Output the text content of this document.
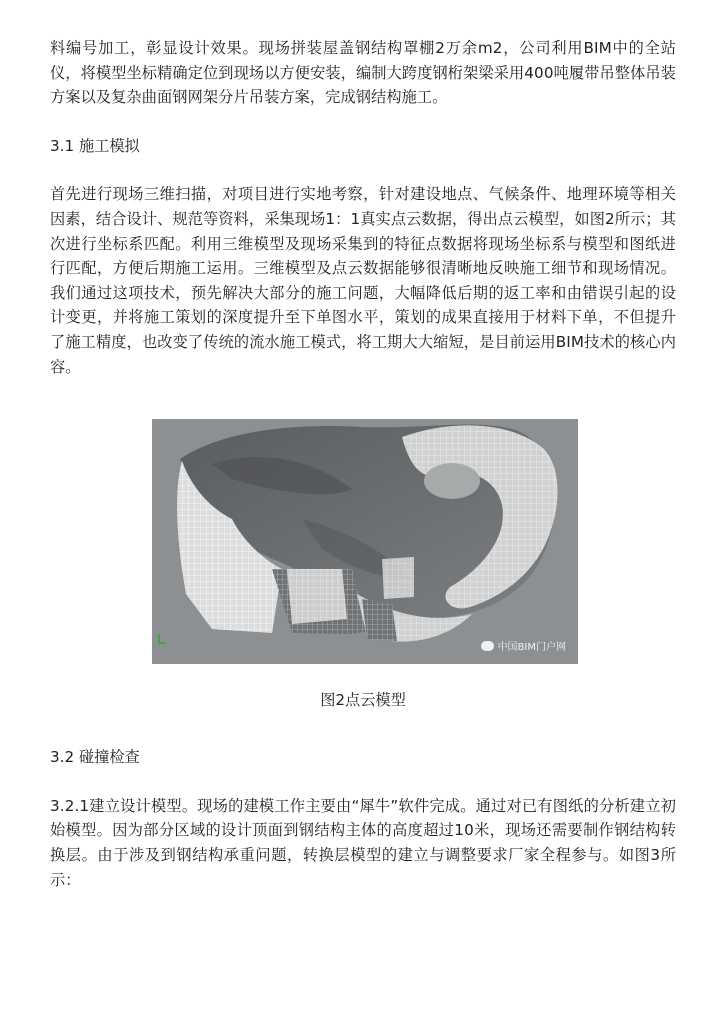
料编号加工，彰显设计效果。现场拼装屋盖钢结构罩棚2万余m2，公司利用BIM中的全站仪，将模型坐标精确定位到现场以方便安装，编制大跨度钢桁架梁采用400吨履带吊整体吊装方案以及复杂曲面钢网架分片吊装方案，完成钢结构施工。

3.1 施工模拟

首先进行现场三维扫描，对项目进行实地考察，针对建设地点、气候条件、地理环境等相关因素，结合设计、规范等资料，采集现场1：1真实点云数据，得出点云模型，如图2所示；其次进行坐标系匹配。利用三维模型及现场采集到的特征点数据将现场坐标系与模型和图纸进行匹配，方便后期施工运用。三维模型及点云数据能够很清晰地反映施工细节和现场情况。我们通过这项技术，预先解决大部分的施工问题，大幅降低后期的返工率和由错误引起的设计变更，并将施工策划的深度提升至下单图水平，策划的成果直接用于材料下单，不但提升了施工精度，也改变了传统的流水施工模式，将工期大大缩短，是目前运用BIM技术的核心内容。

中国BIM门户网

图2点云模型

3.2 碰撞检查

3.2.1建立设计模型。现场的建模工作主要由“犀牛”软件完成。通过对已有图纸的分析建立初始模型。因为部分区域的设计顶面到钢结构主体的高度超过10米，现场还需要制作钢结构转换层。由于涉及到钢结构承重问题，转换层模型的建立与调整要求厂家全程参与。如图3所示：
